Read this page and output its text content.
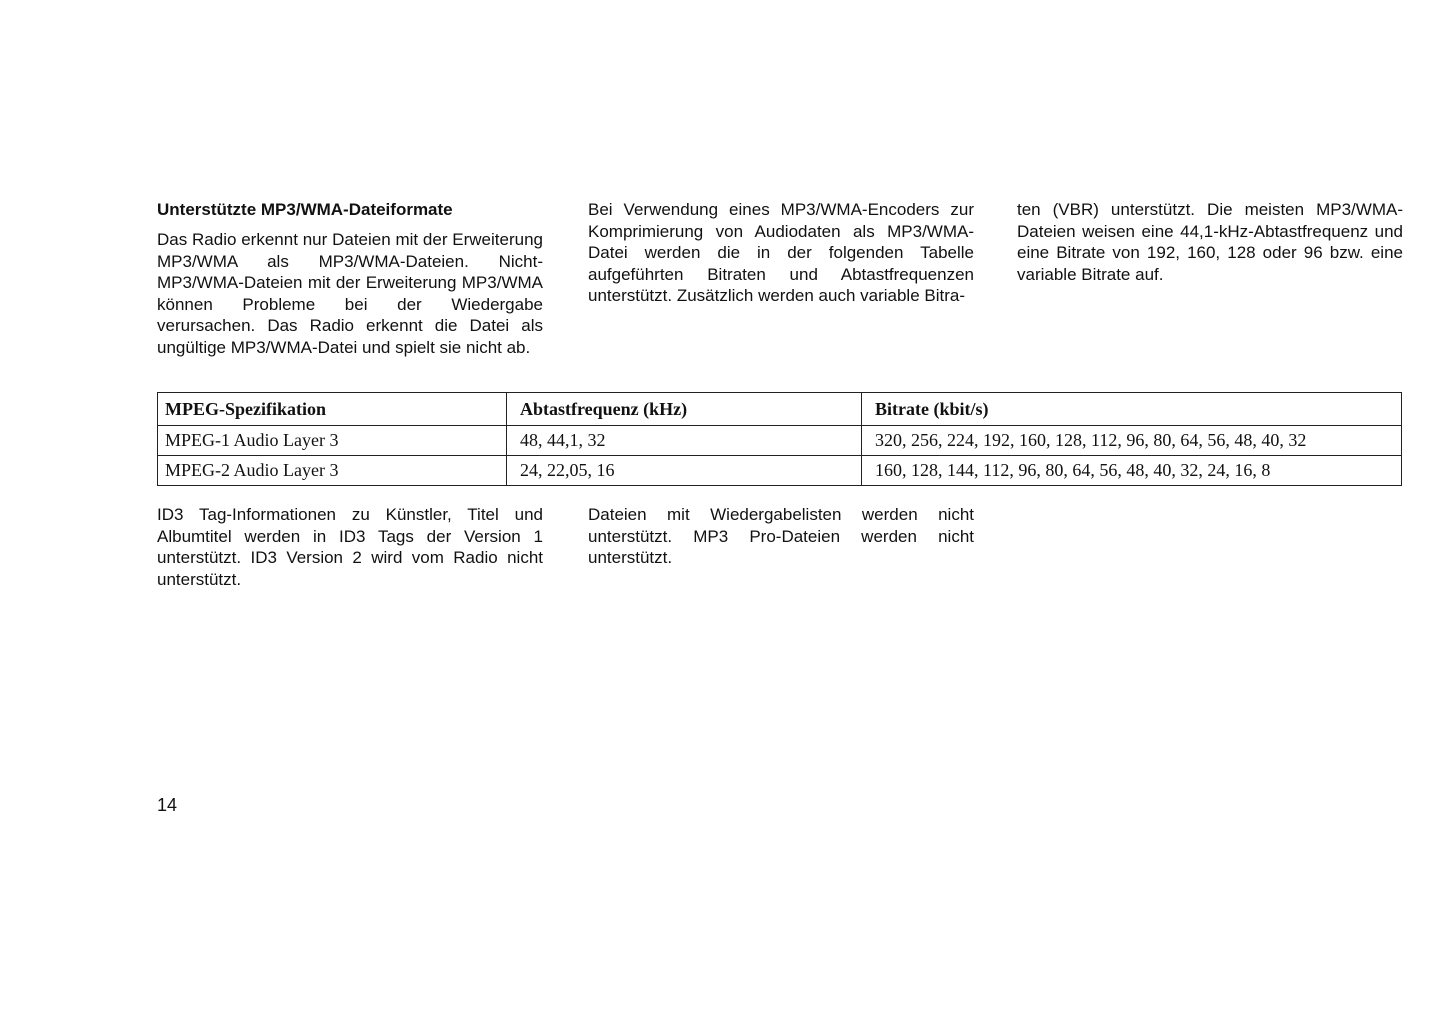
Unterstützte MP3/WMA-Dateiformate

Das Radio erkennt nur Dateien mit der Erweiterung MP3/WMA als MP3/WMA-Dateien. Nicht-MP3/WMA-Dateien mit der Erweiterung MP3/WMA können Probleme bei der Wiedergabe verursachen. Das Radio erkennt die Datei als ungültige MP3/WMA-Datei und spielt sie nicht ab.

Bei Verwendung eines MP3/WMA-Encoders zur Komprimierung von Audiodaten als MP3/WMA-Datei werden die in der folgenden Tabelle aufgeführten Bitraten und Abtastfrequenzen unterstützt. Zusätzlich werden auch variable Bitra-

ten (VBR) unterstützt. Die meisten MP3/WMA-Dateien weisen eine 44,1-kHz-Abtastfrequenz und eine Bitrate von 192, 160, 128 oder 96 bzw. eine variable Bitrate auf.

MPEG-Spezifikation	Abtastfrequenz (kHz)	Bitrate (kbit/s)
MPEG-1 Audio Layer 3	48, 44,1, 32	320, 256, 224, 192, 160, 128, 112, 96, 80, 64, 56, 48, 40, 32
MPEG-2 Audio Layer 3	24, 22,05, 16	160, 128, 144, 112, 96, 80, 64, 56, 48, 40, 32, 24, 16, 8

ID3 Tag-Informationen zu Künstler, Titel und Albumtitel werden in ID3 Tags der Version 1 unterstützt. ID3 Version 2 wird vom Radio nicht unterstützt.

Dateien mit Wiedergabelisten werden nicht unterstützt. MP3 Pro-Dateien werden nicht unterstützt.

14
